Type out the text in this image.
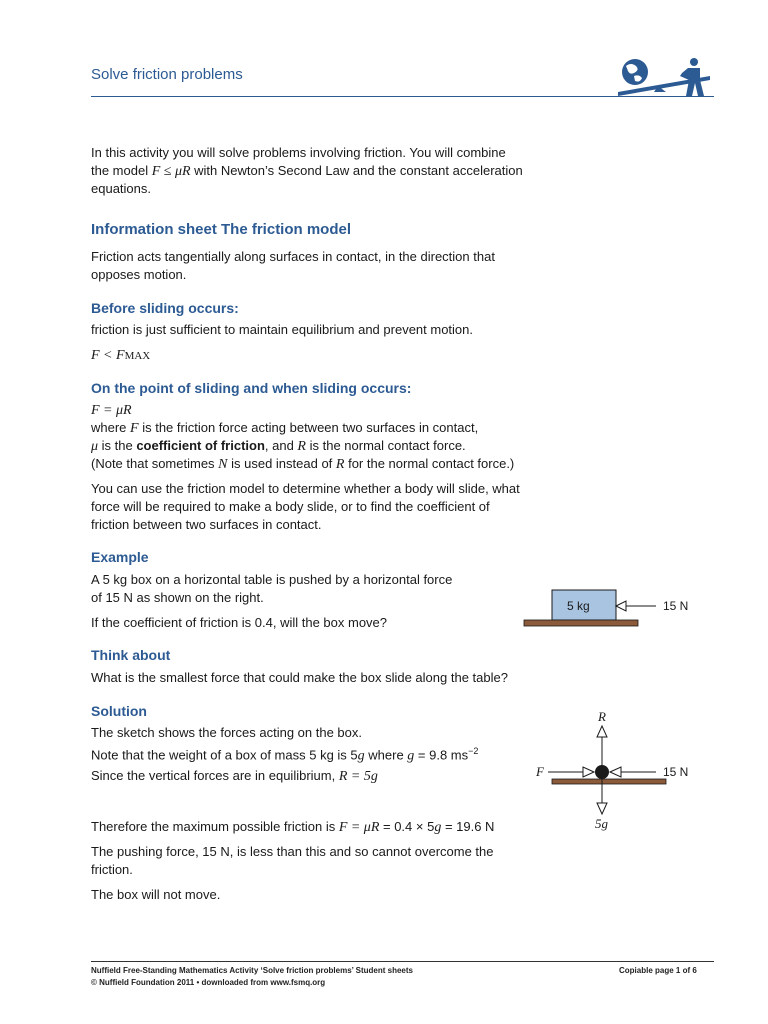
Solve friction problems

In this activity you will solve problems involving friction. You will combine

the model F ≤ μR with Newton’s Second Law and the constant acceleration

equations.

Information sheet The friction model

Friction acts tangentially along surfaces in contact, in the direction that

opposes motion.

Before sliding occurs:

friction is just sufficient to maintain equilibrium and prevent motion.

F < FMAX

On the point of sliding and when sliding occurs:

F = μR

where F is the friction force acting between two surfaces in contact,

μ is the coefficient of friction, and R is the normal contact force.

(Note that sometimes N is used instead of R for the normal contact force.)

You can use the friction model to determine whether a body will slide, what

force will be required to make a body slide, or to find the coefficient of

friction between two surfaces in contact.

Example

A 5 kg box on a horizontal table is pushed by a horizontal force

of 15 N as shown on the right.

If the coefficient of friction is 0.4, will the box move?

5 kg	15 N
Think about

What is the smallest force that could make the box slide along the table?

Solution

The sketch shows the forces acting on the box.

Note that the weight of a box of mass 5 kg is 5g where g = 9.8 $ms^{-2}$

Since the vertical forces are in equilibrium, R = 5g

Therefore the maximum possible friction is F = μR = 0.4 × 5g = 19.6 N

The pushing force, 15 N, is less than this and so cannot overcome the

friction.

The box will not move.

R
F	15 N
5g
Nuffield Free-Standing Mathematics Activity ‘Solve friction problems’ Student sheets
© Nuffield Foundation 2011 • downloaded from www.fsmq.org
Copiable page 1 of 6
